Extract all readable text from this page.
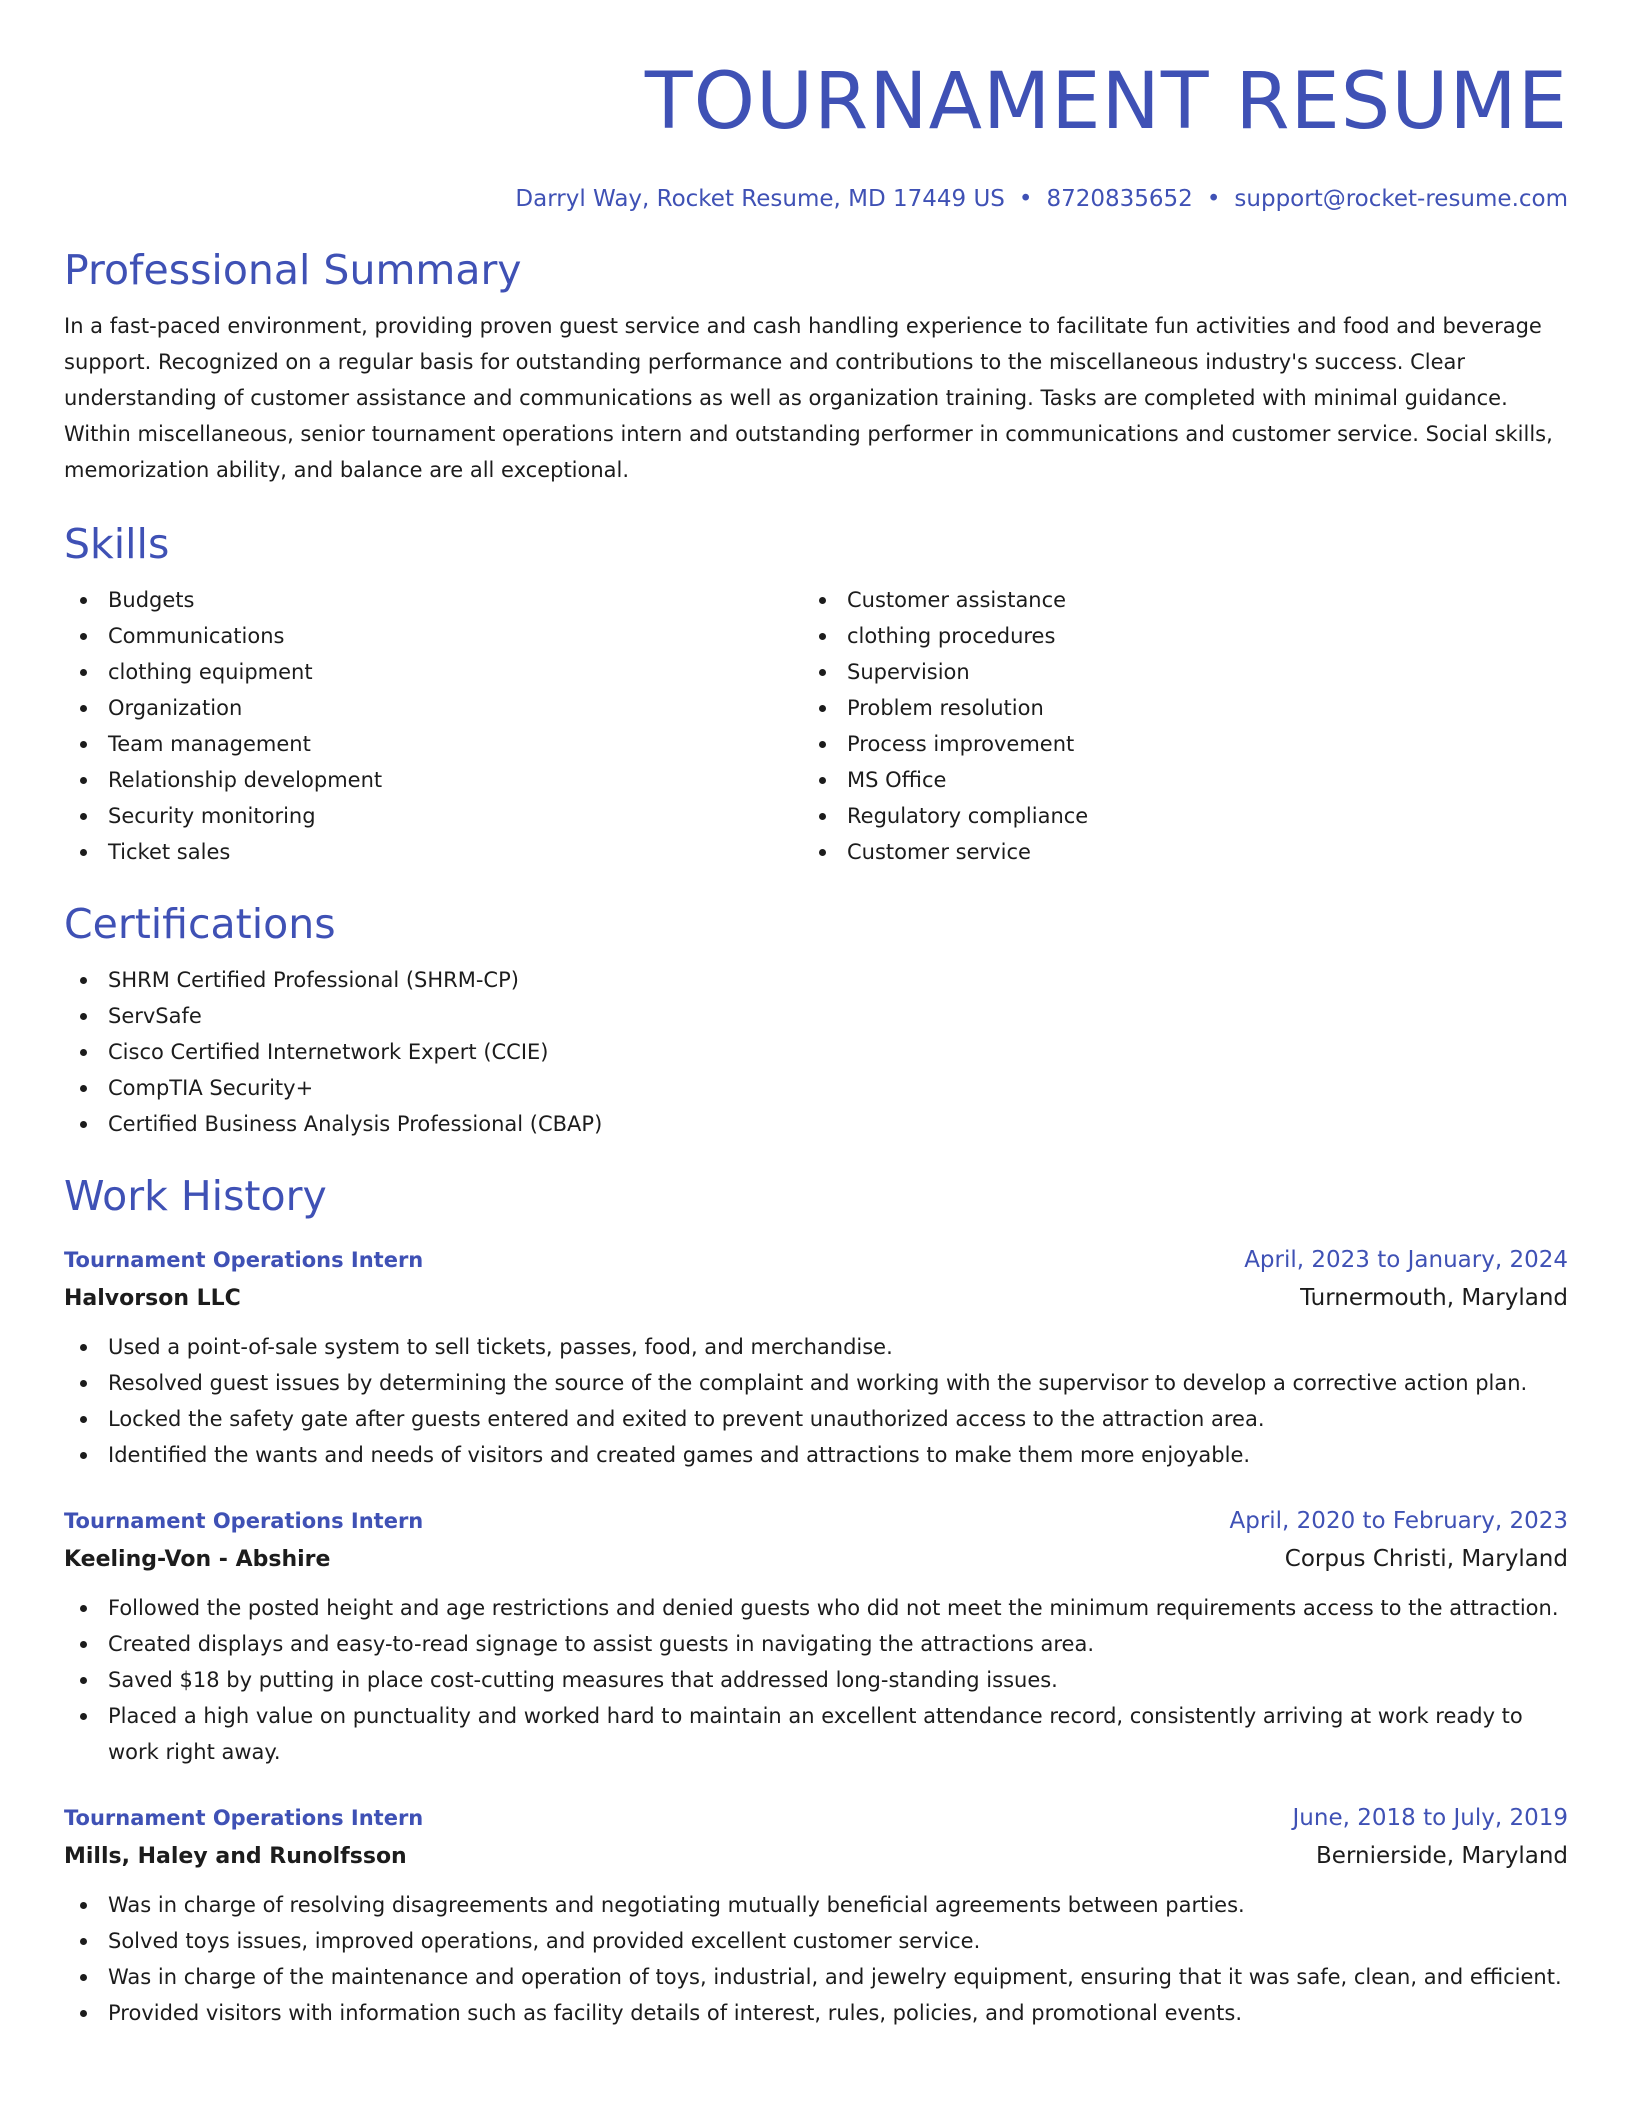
TOURNAMENT RESUME
Darryl Way, Rocket Resume, MD 17449 US • 8720835652 • support@rocket-resume.com
Professional Summary

In a fast-paced environment, providing proven guest service and cash handling experience to facilitate fun activities and food and beverage support. Recognized on a regular basis for outstanding performance and contributions to the miscellaneous industry's success. Clear understanding of customer assistance and communications as well as organization training. Tasks are completed with minimal guidance. Within miscellaneous, senior tournament operations intern and outstanding performer in communications and customer service. Social skills, memorization ability, and balance are all exceptional.

Skills
Budgets
Communications
clothing equipment
Organization
Team management
Relationship development
Security monitoring
Ticket sales
Customer assistance
clothing procedures
Supervision
Problem resolution
Process improvement
MS Office
Regulatory compliance
Customer service
Certifications
SHRM Certified Professional (SHRM-CP)
ServSafe
Cisco Certified Internetwork Expert (CCIE)
CompTIA Security+
Certified Business Analysis Professional (CBAP)
Work History
Tournament Operations Intern	April, 2023 to January, 2024
Halvorson LLC	Turnermouth, Maryland
Used a point-of-sale system to sell tickets, passes, food, and merchandise.
Resolved guest issues by determining the source of the complaint and working with the supervisor to develop a corrective action plan.
Locked the safety gate after guests entered and exited to prevent unauthorized access to the attraction area.
Identified the wants and needs of visitors and created games and attractions to make them more enjoyable.
Tournament Operations Intern	April, 2020 to February, 2023
Keeling-Von - Abshire	Corpus Christi, Maryland
Followed the posted height and age restrictions and denied guests who did not meet the minimum requirements access to the attraction.
Created displays and easy-to-read signage to assist guests in navigating the attractions area.
Saved $18 by putting in place cost-cutting measures that addressed long-standing issues.
Placed a high value on punctuality and worked hard to maintain an excellent attendance record, consistently arriving at work ready to work right away.
Tournament Operations Intern	June, 2018 to July, 2019
Mills, Haley and Runolfsson	Bernierside, Maryland
Was in charge of resolving disagreements and negotiating mutually beneficial agreements between parties.
Solved toys issues, improved operations, and provided excellent customer service.
Was in charge of the maintenance and operation of toys, industrial, and jewelry equipment, ensuring that it was safe, clean, and efficient.
Provided visitors with information such as facility details of interest, rules, policies, and promotional events.
